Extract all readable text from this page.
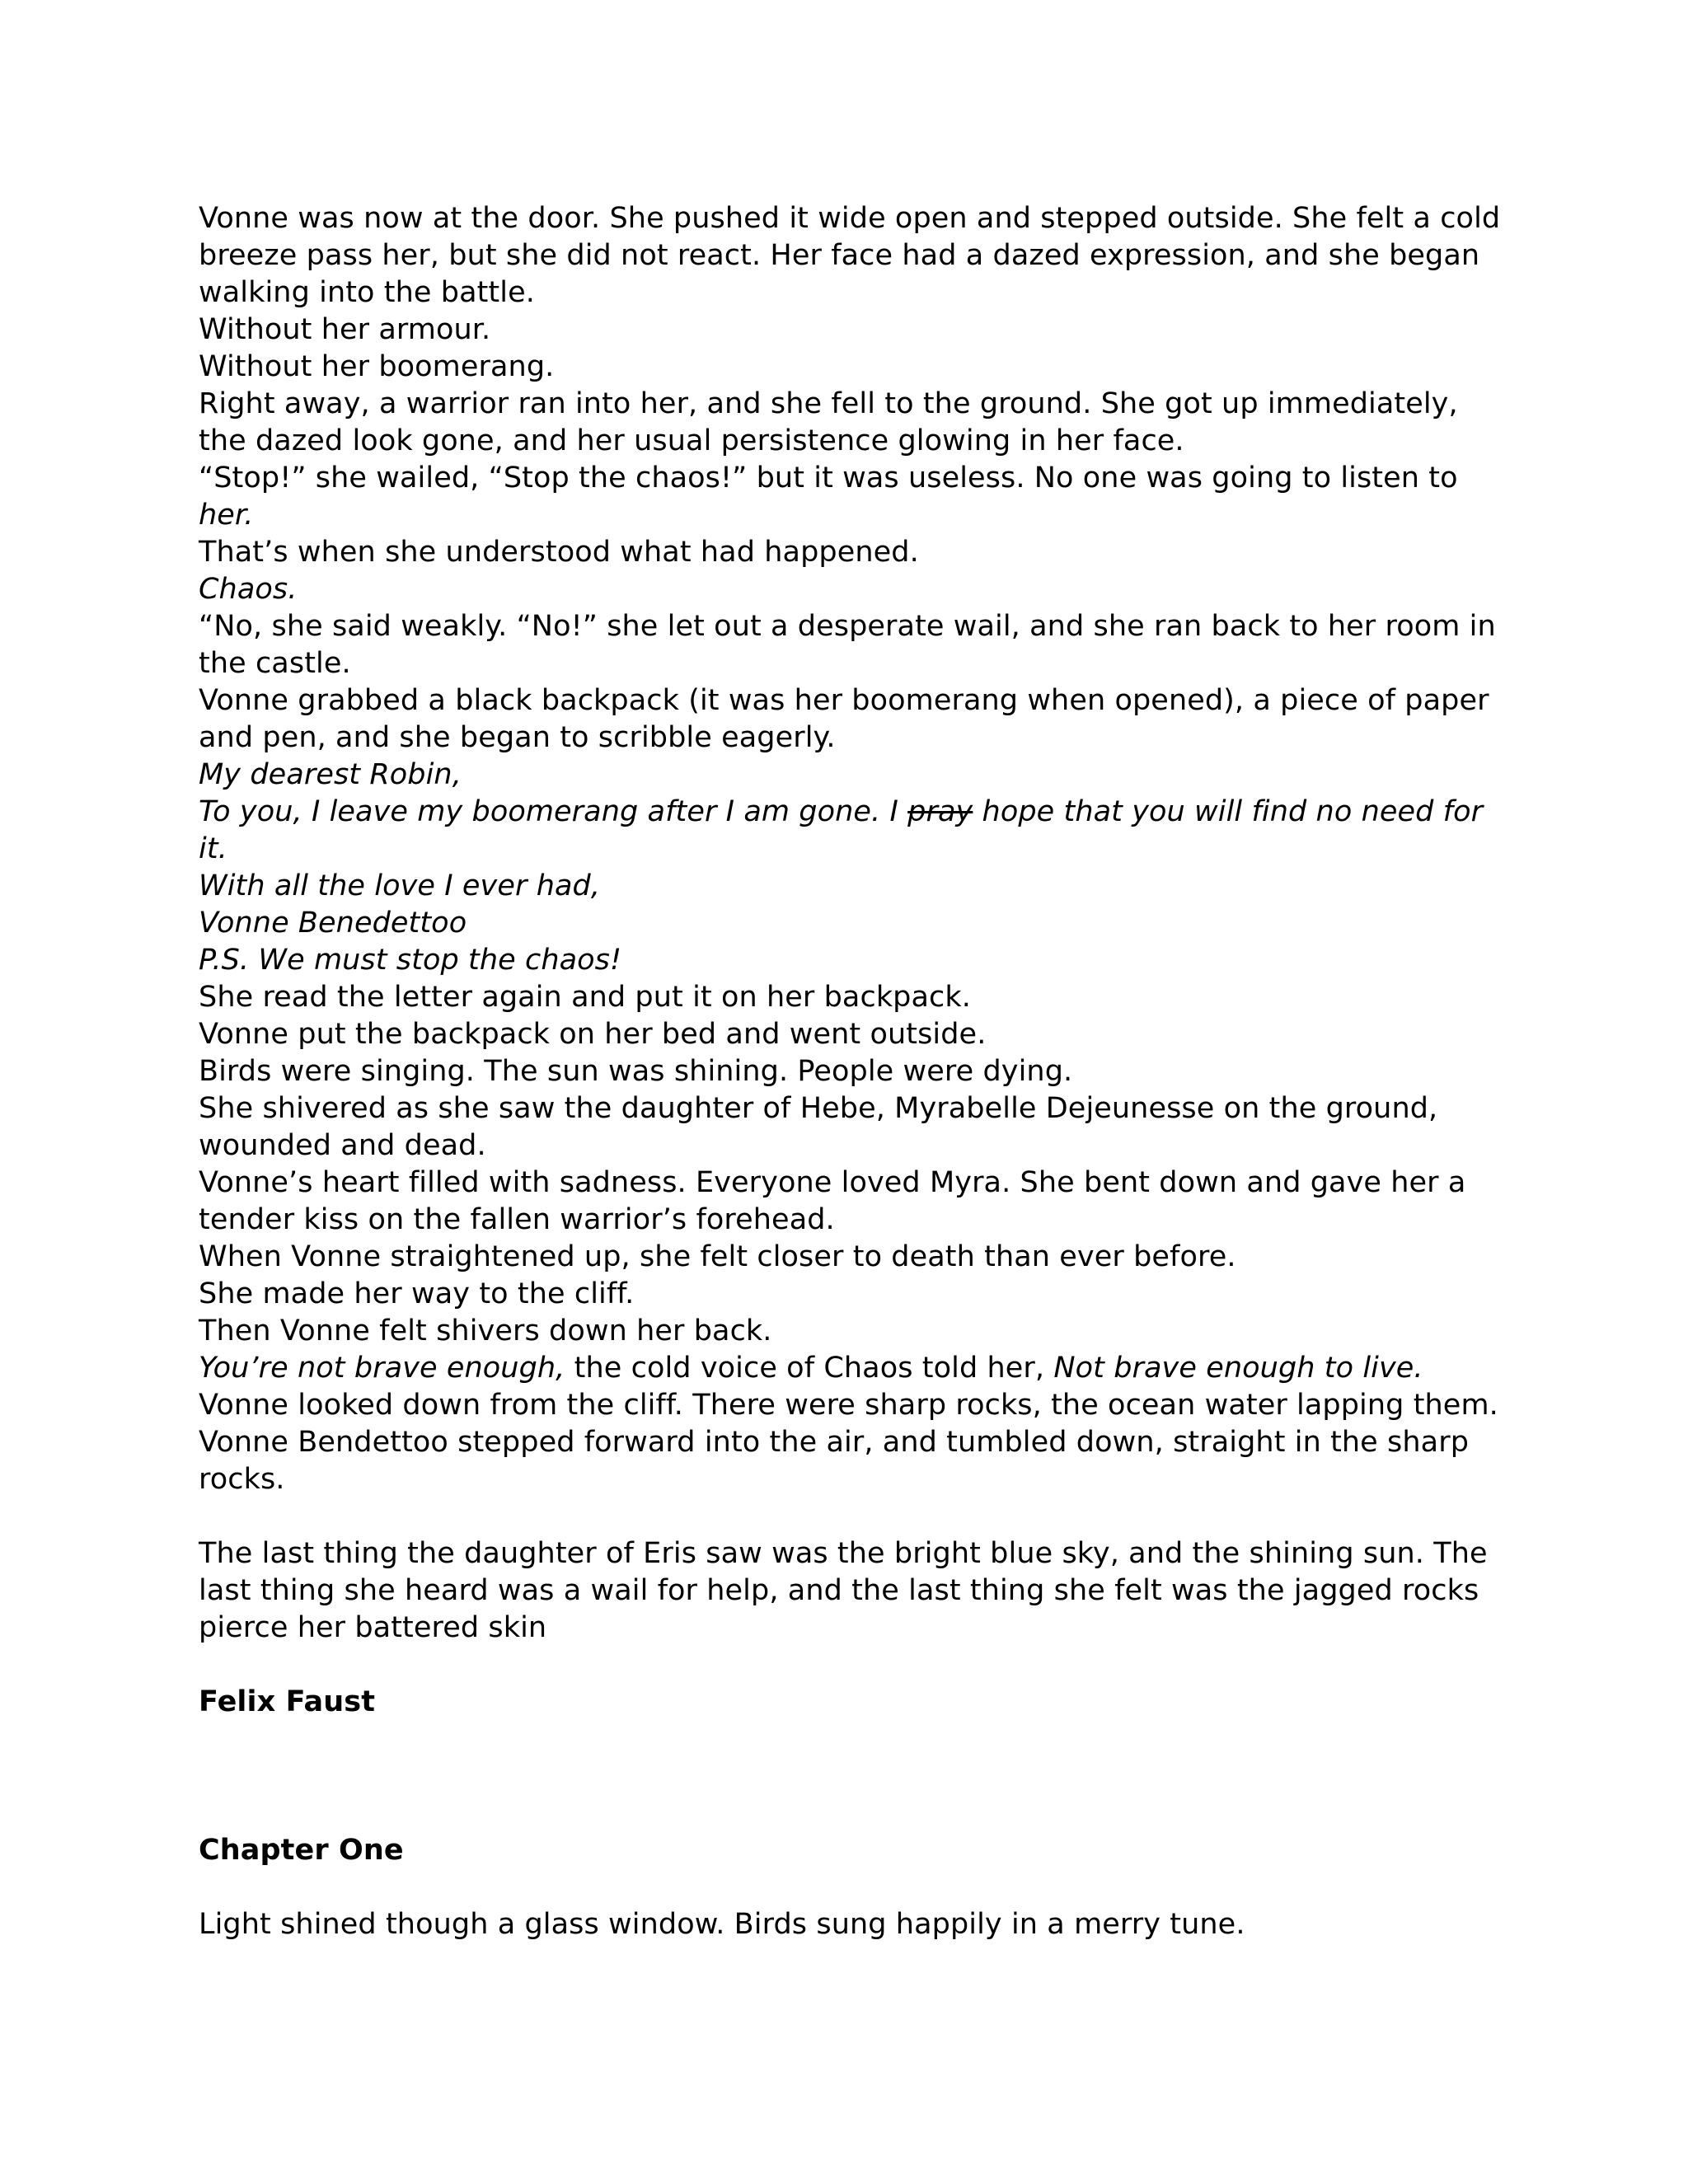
Vonne was now at the door. She pushed it wide open and stepped outside. She felt a cold breeze pass her, but she did not react. Her face had a dazed expression, and she began walking into the battle.

Without her armour.

Without her boomerang.

Right away, a warrior ran into her, and she fell to the ground. She got up immediately, the dazed look gone, and her usual persistence glowing in her face.

“Stop!” she wailed, “Stop the chaos!” but it was useless. No one was going to listen to her.

That’s when she understood what had happened.

Chaos.

“No, she said weakly. “No!” she let out a desperate wail, and she ran back to her room in the castle.

Vonne grabbed a black backpack (it was her boomerang when opened), a piece of paper and pen, and she began to scribble eagerly.

My dearest Robin,

To you, I leave my boomerang after I am gone. I pray hope that you will find no need for it.

With all the love I ever had,

Vonne Benedettoo

P.S. We must stop the chaos!

She read the letter again and put it on her backpack.

Vonne put the backpack on her bed and went outside.

Birds were singing. The sun was shining. People were dying.

She shivered as she saw the daughter of Hebe, Myrabelle Dejeunesse on the ground, wounded and dead.

Vonne’s heart filled with sadness. Everyone loved Myra. She bent down and gave her a tender kiss on the fallen warrior’s forehead.

When Vonne straightened up, she felt closer to death than ever before.

She made her way to the cliff.

Then Vonne felt shivers down her back.

You’re not brave enough, the cold voice of Chaos told her, Not brave enough to live.

Vonne looked down from the cliff. There were sharp rocks, the ocean water lapping them.

Vonne Bendettoo stepped forward into the air, and tumbled down, straight in the sharp rocks.

The last thing the daughter of Eris saw was the bright blue sky, and the shining sun. The last thing she heard was a wail for help, and the last thing she felt was the jagged rocks pierce her battered skin

Felix Faust

Chapter One

Light shined though a glass window. Birds sung happily in a merry tune.
